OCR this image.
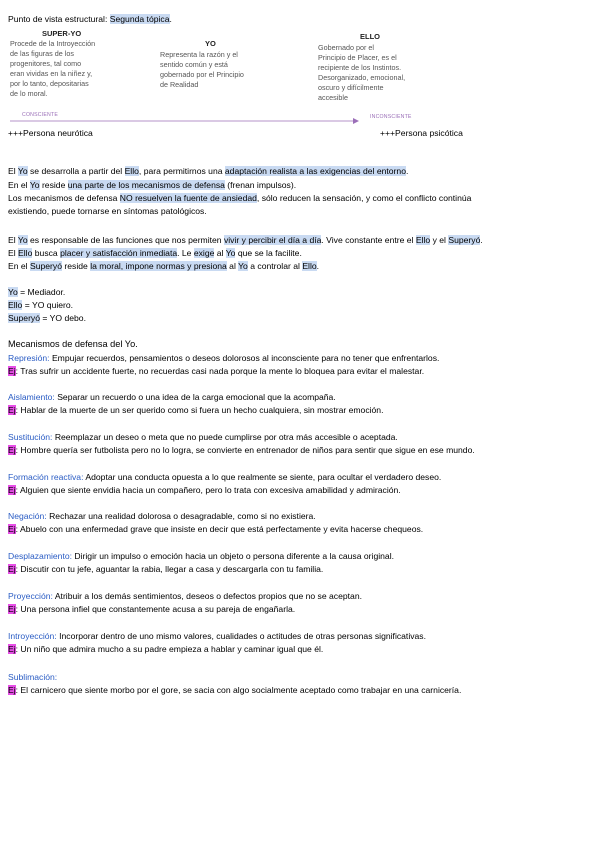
Punto de vista estructural: Segunda tópica.
SUPER-YO
Procede de la Introyección
de las figuras de los
progenitores, tal como
eran vividas en la niñez y,
por lo tanto, depositarias
de lo moral.
YO
Representa la razón y el
sentido común y está
gobernado por el Principio
de Realidad
ELLO
Gobernado por el
Principio de Placer, es el
recipiente de los Instintos.
Desorganizado, emocional,
oscuro y difícilmente
accesible
CONSCIENTE	INCONSCIENTE
+++Persona neurótica	+++Persona psicótica
El Yo se desarrolla a partir del Ello, para permitirnos una adaptación realista a las exigencias del entorno.
En el Yo reside una parte de los mecanismos de defensa (frenan impulsos).
Los mecanismos de defensa NO resuelven la fuente de ansiedad, sólo reducen la sensación, y como el conflicto continúa
existiendo, puede tornarse en síntomas patológicos.
El Yo es responsable de las funciones que nos permiten vivir y percibir el día a día. Vive constante entre el Ello y el Superyó.
El Ello busca placer y satisfacción inmediata. Le exige al Yo que se la facilite.
En el Superyó reside la moral, impone normas y presiona al Yo a controlar al Ello.
Yo = Mediador.
Ello = YO quiero.
Superyó = YO debo.
Mecanismos de defensa del Yo.
Represión: Empujar recuerdos, pensamientos o deseos dolorosos al inconsciente para no tener que enfrentarlos.
Ej: Tras sufrir un accidente fuerte, no recuerdas casi nada porque la mente lo bloquea para evitar el malestar.
Aislamiento: Separar un recuerdo o una idea de la carga emocional que la acompaña.
Ej: Hablar de la muerte de un ser querido como si fuera un hecho cualquiera, sin mostrar emoción.
Sustitución: Reemplazar un deseo o meta que no puede cumplirse por otra más accesible o aceptada.
Ej: Hombre quería ser futbolista pero no lo logra, se convierte en entrenador de niños para sentir que sigue en ese mundo.
Formación reactiva: Adoptar una conducta opuesta a lo que realmente se siente, para ocultar el verdadero deseo.
Ej: Alguien que siente envidia hacia un compañero, pero lo trata con excesiva amabilidad y admiración.
Negación: Rechazar una realidad dolorosa o desagradable, como si no existiera.
Ej: Abuelo con una enfermedad grave que insiste en decir que está perfectamente y evita hacerse chequeos.
Desplazamiento: Dirigir un impulso o emoción hacia un objeto o persona diferente a la causa original.
Ej: Discutir con tu jefe, aguantar la rabia, llegar a casa y descargarla con tu familia.
Proyección: Atribuir a los demás sentimientos, deseos o defectos propios que no se aceptan.
Ej: Una persona infiel que constantemente acusa a su pareja de engañarla.
Introyección: Incorporar dentro de uno mismo valores, cualidades o actitudes de otras personas significativas.
Ej: Un niño que admira mucho a su padre empieza a hablar y caminar igual que él.
Sublimación:
Ej: El carnicero que siente morbo por el gore, se sacia con algo socialmente aceptado como trabajar en una carnicería.
